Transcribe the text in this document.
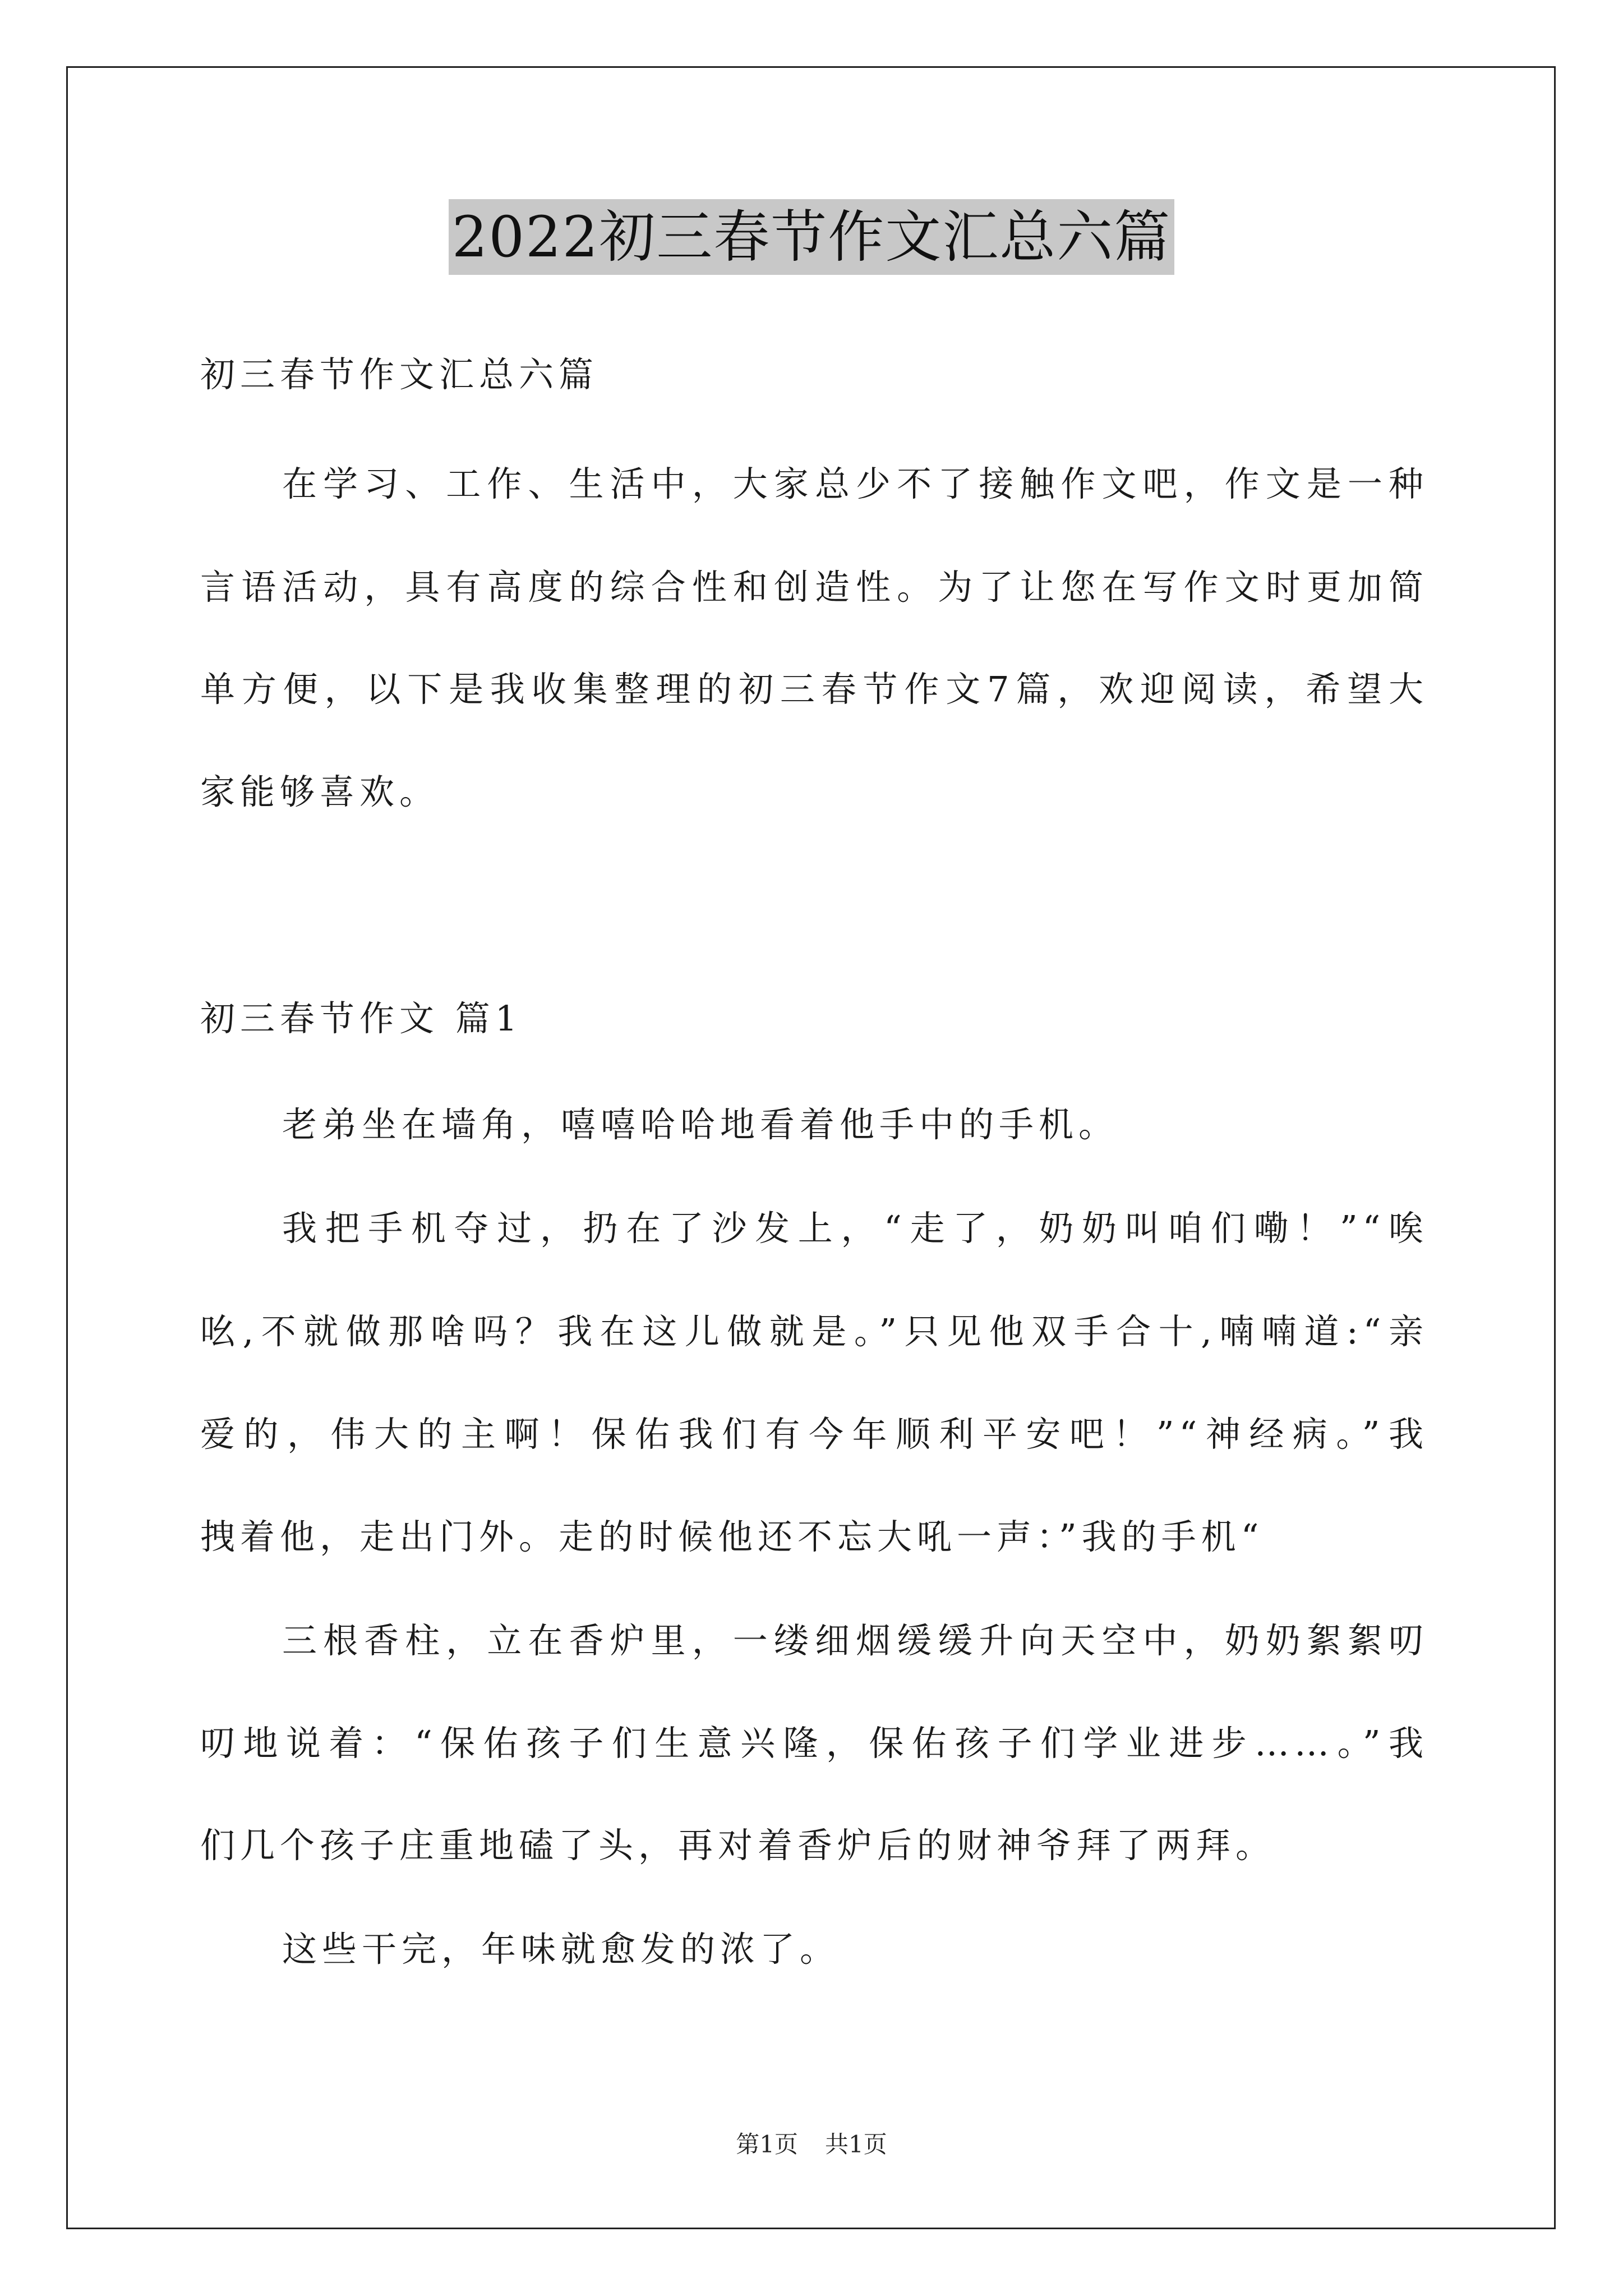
2022初三春节作文汇总六篇
初三春节作文汇总六篇
在学习、工作、生活中，大家总少不了接触作文吧，作文是一种
言语活动，具有高度的综合性和创造性。为了让您在写作文时更加简
单方便，以下是我收集整理的初三春节作文7篇，欢迎阅读，希望大
家能够喜欢。
初三春节作文 篇1
老弟坐在墙角，嘻嘻哈哈地看着他手中的手机。
我把手机夺过，扔在了沙发上，“走了，奶奶叫咱们嘞！”“唉
吆,不就做那啥吗？我在这儿做就是。”只见他双手合十,喃喃道:“亲
爱的，伟大的主啊！保佑我们有今年顺利平安吧！”“神经病。”我
拽着他，走出门外。走的时候他还不忘大吼一声：”我的手机“
三根香柱，立在香炉里，一缕细烟缓缓升向天空中，奶奶絮絮叨
叨地说着：“保佑孩子们生意兴隆，保佑孩子们学业进步……。”我
们几个孩子庄重地磕了头，再对着香炉后的财神爷拜了两拜。
这些干完，年味就愈发的浓了。
第1页 共1页
